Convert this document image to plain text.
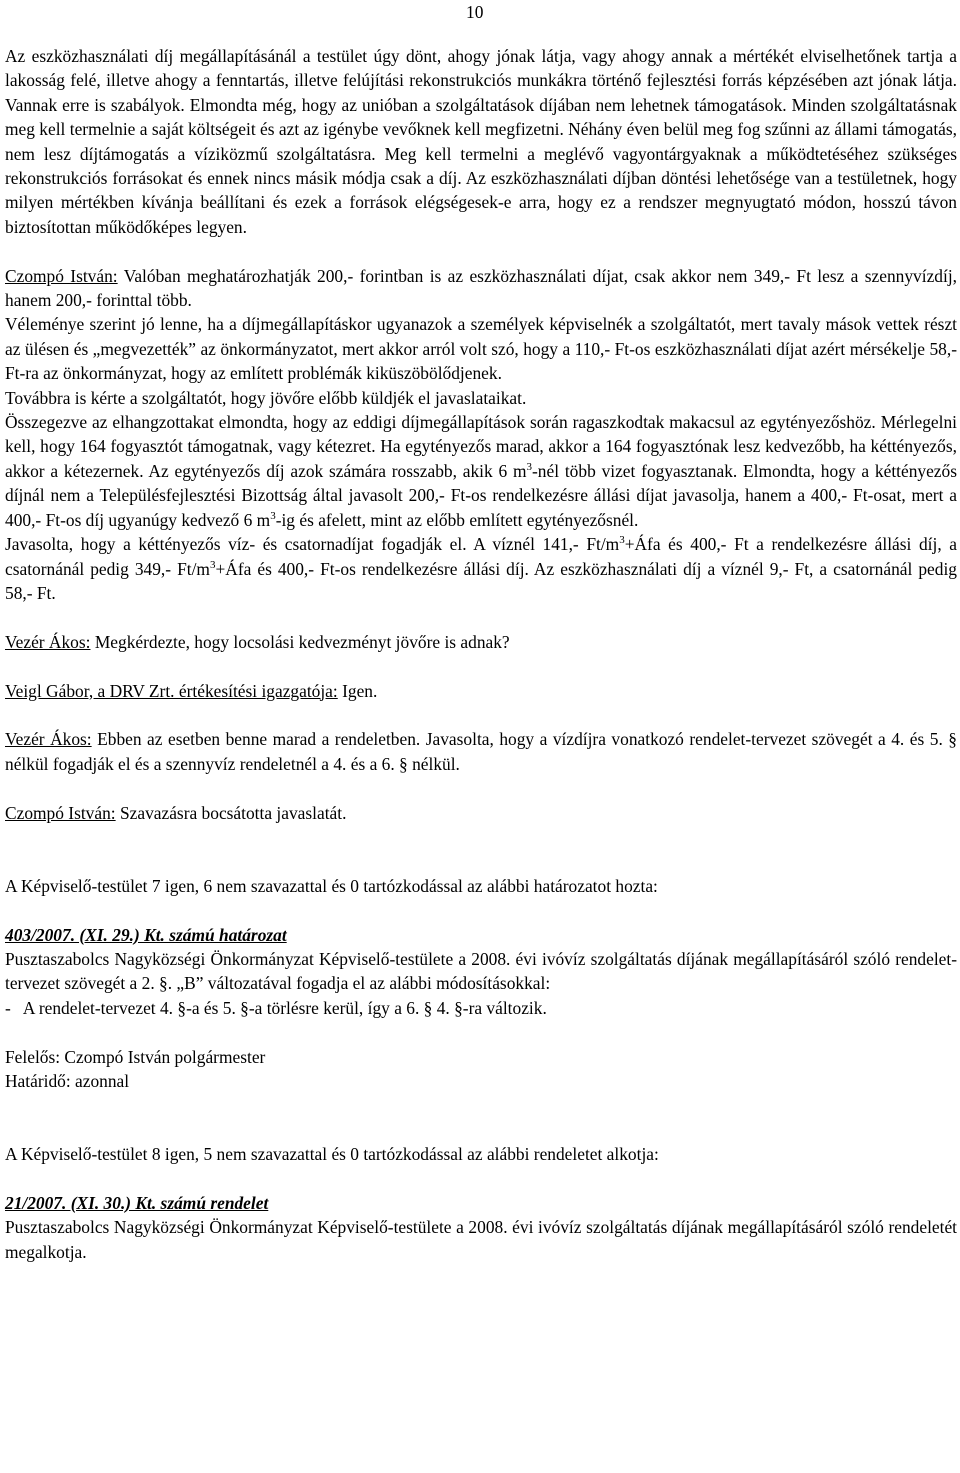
10

Az eszközhasználati díj megállapításánál a testület úgy dönt, ahogy jónak látja, vagy ahogy annak a mértékét elviselhetőnek tartja a lakosság felé, illetve ahogy a fenntartás, illetve felújítási rekonstrukciós munkákra történő fejlesztési forrás képzésében azt jónak látja. Vannak erre is szabályok. Elmondta még, hogy az unióban a szolgáltatások díjában nem lehetnek támogatások. Minden szolgáltatásnak meg kell termelnie a saját költségeit és azt az igénybe vevőknek kell megfizetni. Néhány éven belül meg fog szűnni az állami támogatás, nem lesz díjtámogatás a víziközmű szolgáltatásra. Meg kell termelni a meglévő vagyontárgyaknak a működtetéséhez szükséges rekonstrukciós forrásokat és ennek nincs másik módja csak a díj. Az eszközhasználati díjban döntési lehetősége van a testületnek, hogy milyen mértékben kívánja beállítani és ezek a források elégségesek-e arra, hogy ez a rendszer megnyugtató módon, hosszú távon biztosítottan működőképes legyen.

Czompó István: Valóban meghatározhatják 200,- forintban is az eszközhasználati díjat, csak akkor nem 349,- Ft lesz a szennyvízdíj, hanem 200,- forinttal több.

Véleménye szerint jó lenne, ha a díjmegállapításkor ugyanazok a személyek képviselnék a szolgáltatót, mert tavaly mások vettek részt az ülésen és „megvezették” az önkormányzatot, mert akkor arról volt szó, hogy a 110,- Ft-os eszközhasználati díjat azért mérsékelje 58,- Ft-ra az önkormányzat, hogy az említett problémák kiküszöbölődjenek.

Továbbra is kérte a szolgáltatót, hogy jövőre előbb küldjék el javaslataikat.

Összegezve az elhangzottakat elmondta, hogy az eddigi díjmegállapítások során ragaszkodtak makacsul az egytényezőshöz. Mérlegelni kell, hogy 164 fogyasztót támogatnak, vagy kétezret. Ha egytényezős marad, akkor a 164 fogyasztónak lesz kedvezőbb, ha kéttényezős, akkor a kétezernek. Az egytényezős díj azok számára rosszabb, akik 6 $m^3$-nél több vizet fogyasztanak. Elmondta, hogy a kéttényezős díjnál nem a Településfejlesztési Bizottság által javasolt 200,- Ft-os rendelkezésre állási díjat javasolja, hanem a 400,- Ft-osat, mert a 400,- Ft-os díj ugyanúgy kedvező 6 $m^3-ig$ és afelett, mint az előbb említett egytényezősnél.

Javasolta, hogy a kéttényezős víz- és csatornadíjat fogadják el. A víznél 141,- $Ft/m^3+Áfa$ és 400,- Ft a rendelkezésre állási díj, a csatornánál pedig 349,- $Ft/m^3+Áfa$ és 400,- Ft-os rendelkezésre állási díj. Az eszközhasználati díj a víznél 9,- Ft, a csatornánál pedig 58,- Ft.

Vezér Ákos: Megkérdezte, hogy locsolási kedvezményt jövőre is adnak?

Veigl Gábor, a DRV Zrt. értékesítési igazgatója: Igen.

Vezér Ákos: Ebben az esetben benne marad a rendeletben. Javasolta, hogy a vízdíjra vonatkozó rendelet-tervezet szövegét a 4. és 5. § nélkül fogadják el és a szennyvíz rendeletnél a 4. és a 6. § nélkül.

Czompó István: Szavazásra bocsátotta javaslatát.

A Képviselő-testület 7 igen, 6 nem szavazattal és 0 tartózkodással az alábbi határozatot hozta:

403/2007. (XI. 29.) Kt. számú határozat

Pusztaszabolcs Nagyközségi Önkormányzat Képviselő-testülete a 2008. évi ivóvíz szolgáltatás díjának megállapításáról szóló rendelet-tervezet szövegét a 2. §. „B” változatával fogadja el az alábbi módosításokkal:

-   A rendelet-tervezet 4. §-a és 5. §-a törlésre kerül, így a 6. § 4. §-ra változik.

Felelős: Czompó István polgármester

Határidő: azonnal

A Képviselő-testület 8 igen, 5 nem szavazattal és 0 tartózkodással az alábbi rendeletet alkotja:

21/2007. (XI. 30.) Kt. számú rendelet

Pusztaszabolcs Nagyközségi Önkormányzat Képviselő-testülete a 2008. évi ivóvíz szolgáltatás díjának megállapításáról szóló rendeletét megalkotja.
